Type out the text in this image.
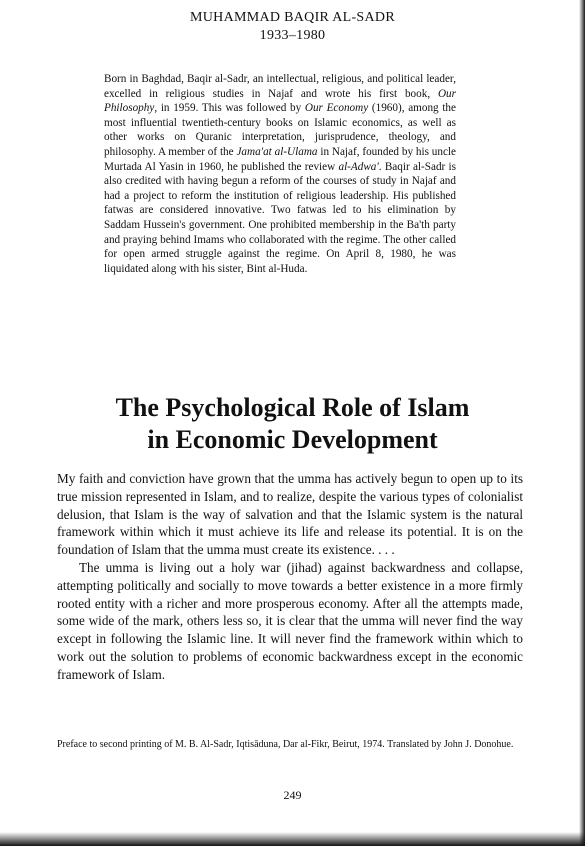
MUHAMMAD BAQIR AL-SADR
1933–1980

Born in Baghdad, Baqir al-Sadr, an intellectual, religious, and political leader, excelled in religious studies in Najaf and wrote his first book, Our Philosophy, in 1959. This was followed by Our Economy (1960), among the most influential twentieth-century books on Islamic economics, as well as other works on Quranic interpretation, jurisprudence, theology, and philosophy. A member of the Jama'at al-Ulama in Najaf, founded by his uncle Murtada Al Yasin in 1960, he published the review al-Adwa'. Baqir al-Sadr is also credited with having begun a reform of the courses of study in Najaf and had a project to reform the institution of religious leadership. His published fatwas are considered innovative. Two fatwas led to his elimination by Saddam Hussein's government. One prohibited membership in the Ba'th party and praying behind Imams who collaborated with the regime. The other called for open armed struggle against the regime. On April 8, 1980, he was liquidated along with his sister, Bint al-Huda.

The Psychological Role of Islam
in Economic Development

My faith and conviction have grown that the umma has actively begun to open up to its true mission represented in Islam, and to realize, despite the various types of colonialist delusion, that Islam is the way of salvation and that the Islamic system is the natural framework within which it must achieve its life and release its potential. It is on the foundation of Islam that the umma must create its existence. . . .

The umma is living out a holy war (jihad) against backwardness and collapse, attempting politically and socially to move towards a better existence in a more firmly rooted entity with a richer and more prosperous economy. After all the attempts made, some wide of the mark, others less so, it is clear that the umma will never find the way except in following the Islamic line. It will never find the framework within which to work out the solution to problems of economic backwardness except in the economic framework of Islam.

Preface to second printing of M. B. Al-Sadr, Iqtisāduna, Dar al-Fikr, Beirut, 1974. Translated by John J. Donohue.
249
